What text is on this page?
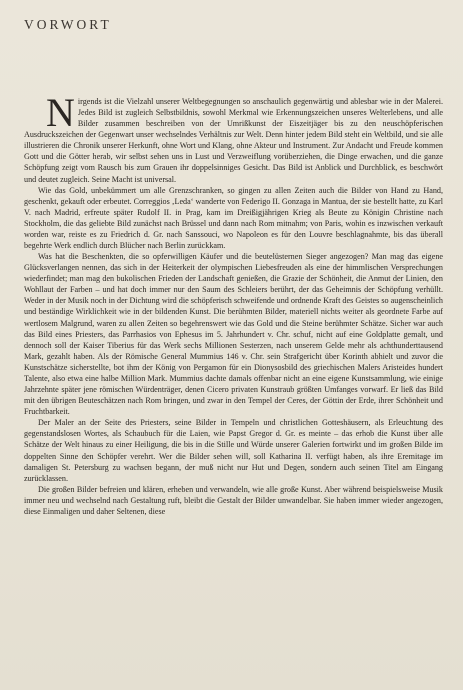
VORWORT

Nirgends ist die Vielzahl unserer Weltbegegnungen so anschaulich gegenwärtig und ablesbar wie in der Malerei. Jedes Bild ist zugleich Selbstbildnis, sowohl Merkmal wie Erkennungszeichen unseres Welterlebens, und alle Bilder zusammen beschreiben von der Umrißkunst der Eiszeitjäger bis zu den neuschöpferischen Ausdruckszeichen der Gegenwart unser wechselndes Verhältnis zur Welt. Denn hinter jedem Bild steht ein Weltbild, und sie alle illustrieren die Chronik unserer Herkunft, ohne Wort und Klang, ohne Akteur und Instrument. Zur Andacht und Freude kommen Gott und die Götter herab, wir selbst sehen uns in Lust und Verzweiflung vorüberziehen, die Dinge erwachen, und die ganze Schöpfung zeigt vom Rausch bis zum Grauen ihr doppelsinniges Gesicht. Das Bild ist Anblick und Durchblick, es beschwört und deutet zugleich. Seine Macht ist universal.

Wie das Gold, unbekümmert um alle Grenzschranken, so gingen zu allen Zeiten auch die Bilder von Hand zu Hand, geschenkt, gekauft oder erbeutet. Correggios ‚Leda‘ wanderte von Federigo II. Gonzaga in Mantua, der sie bestellt hatte, zu Karl V. nach Madrid, erfreute später Rudolf II. in Prag, kam im Dreißigjährigen Krieg als Beute zu Königin Christine nach Stockholm, die das geliebte Bild zunächst nach Brüssel und dann nach Rom mitnahm; von Paris, wohin es inzwischen verkauft worden war, reiste es zu Friedrich d. Gr. nach Sanssouci, wo Napoleon es für den Louvre beschlagnahmte, bis das überall begehrte Werk endlich durch Blücher nach Berlin zurückkam.

Was hat die Beschenkten, die so opferwilligen Käufer und die beutelüsternen Sieger angezogen? Man mag das eigene Glücksverlangen nennen, das sich in der Heiterkeit der olympischen Liebesfreuden als eine der himmlischen Versprechungen wiederfindet; man mag den bukolischen Frieden der Landschaft genießen, die Grazie der Schönheit, die Anmut der Linien, den Wohllaut der Farben – und hat doch immer nur den Saum des Schleiers berührt, der das Geheimnis der Schöpfung verhüllt. Weder in der Musik noch in der Dichtung wird die schöpferisch schweifende und ordnende Kraft des Geistes so augenscheinlich und beständige Wirklichkeit wie in der bildenden Kunst. Die berühmten Bilder, materiell nichts weiter als geordnete Farbe auf wertlosem Malgrund, waren zu allen Zeiten so begehrenswert wie das Gold und die Steine berühmter Schätze. Sicher war auch das Bild eines Priesters, das Parrhasios von Ephesus im 5. Jahrhundert v. Chr. schuf, nicht auf eine Goldplatte gemalt, und dennoch soll der Kaiser Tiberius für das Werk sechs Millionen Sesterzen, nach unserem Gelde mehr als achthunderttausend Mark, gezahlt haben. Als der Römische General Mummius 146 v. Chr. sein Strafgericht über Korinth abhielt und zuvor die Kunstschätze sicherstellte, bot ihm der König von Pergamon für ein Dionysosbild des griechischen Malers Aristeides hundert Talente, also etwa eine halbe Million Mark. Mummius dachte damals offenbar nicht an eine eigene Kunstsammlung, wie einige Jahrzehnte später jene römischen Würdenträger, denen Cicero privaten Kunstraub größten Umfanges vorwarf. Er ließ das Bild mit den übrigen Beuteschätzen nach Rom bringen, und zwar in den Tempel der Ceres, der Göttin der Erde, ihrer Schönheit und Fruchtbarkeit.

Der Maler an der Seite des Priesters, seine Bilder in Tempeln und christlichen Gotteshäusern, als Erleuchtung des gegenstandslosen Wortes, als Schaubuch für die Laien, wie Papst Gregor d. Gr. es meinte – das erhob die Kunst über alle Schätze der Welt hinaus zu einer Heiligung, die bis in die Stille und Würde unserer Galerien fortwirkt und im großen Bilde im doppelten Sinne den Schöpfer verehrt. Wer die Bilder sehen will, soll Katharina II. verfügt haben, als ihre Eremitage im damaligen St. Petersburg zu wachsen begann, der muß nicht nur Hut und Degen, sondern auch seinen Titel am Eingang zurücklassen.

Die großen Bilder befreien und klären, erheben und verwandeln, wie alle große Kunst. Aber während beispielsweise Musik immer neu und wechselnd nach Gestaltung ruft, bleibt die Gestalt der Bilder unwandelbar. Sie haben immer wieder angezogen, diese Einmaligen und daher Seltenen, diese
